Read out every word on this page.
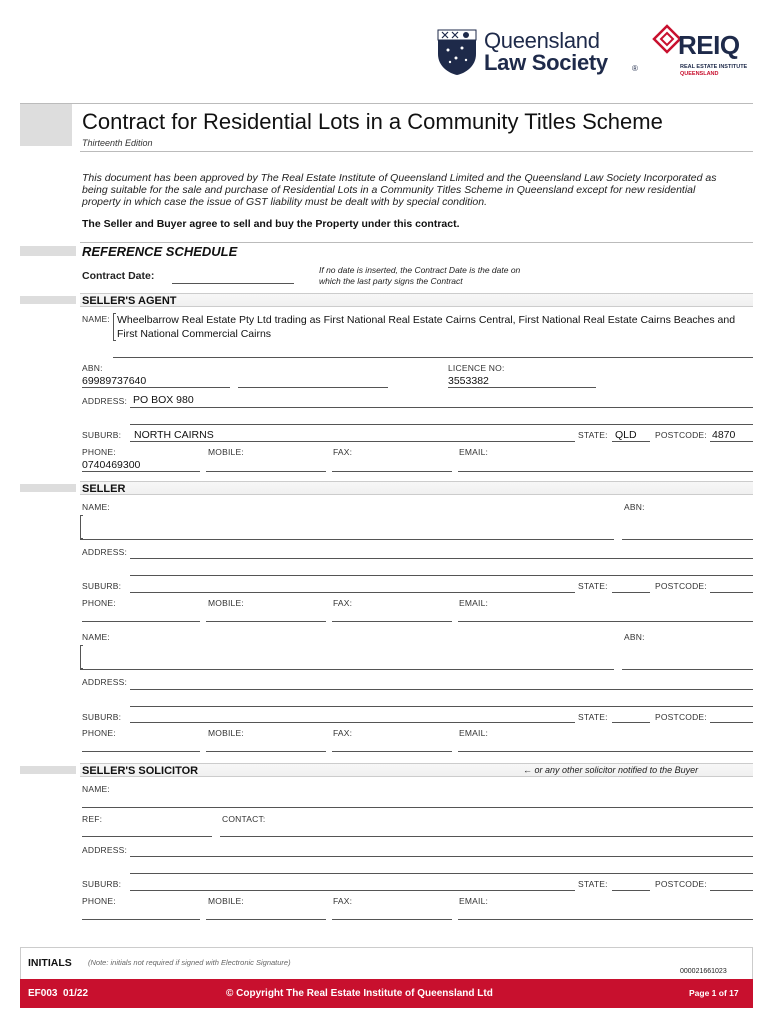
Queensland
Law Society	®
REIQ
REAL ESTATE INSTITUTE
QUEENSLAND
Contract for Residential Lots in a Community Titles Scheme
Thirteenth Edition
This document has been approved by The Real Estate Institute of Queensland Limited and the Queensland Law Society Incorporated as being suitable for the sale and purchase of Residential Lots in a Community Titles Scheme in Queensland except for new residential property in which case the issue of GST liability must be dealt with by special condition.
The Seller and Buyer agree to sell and buy the Property under this contract.
REFERENCE SCHEDULE
Contract Date:	If no date is inserted, the Contract Date is the date on which the last party signs the Contract
SELLER'S AGENT
NAME: Wheelbarrow Real Estate Pty Ltd trading as First National Real Estate Cairns Central, First National Real Estate Cairns Beaches and First National Commercial Cairns
ABN:
69989737640
LICENCE NO:
3553382
ADDRESS: PO BOX 980
SUBURB: NORTH CAIRNS	STATE: QLD POSTCODE: 4870
PHONE:
0740469300
MOBILE:	FAX:	EMAIL:
SELLER
NAME:	ABN:
ADDRESS:
SUBURB:	STATE:	POSTCODE:
PHONE:	MOBILE:	FAX:	EMAIL:
NAME:	ABN:
ADDRESS:
SUBURB:	STATE:	POSTCODE:
PHONE:	MOBILE:	FAX:	EMAIL:
SELLER'S SOLICITOR	← or any other solicitor notified to the Buyer
NAME:
REF:	CONTACT:
ADDRESS:
SUBURB:	STATE:	POSTCODE:
PHONE:	MOBILE:	FAX:	EMAIL:
INITIALS (Note: initials not required if signed with Electronic Signature)
000021661023
EF003  01/22	© Copyright The Real Estate Institute of Queensland Ltd	Page 1 of 17
